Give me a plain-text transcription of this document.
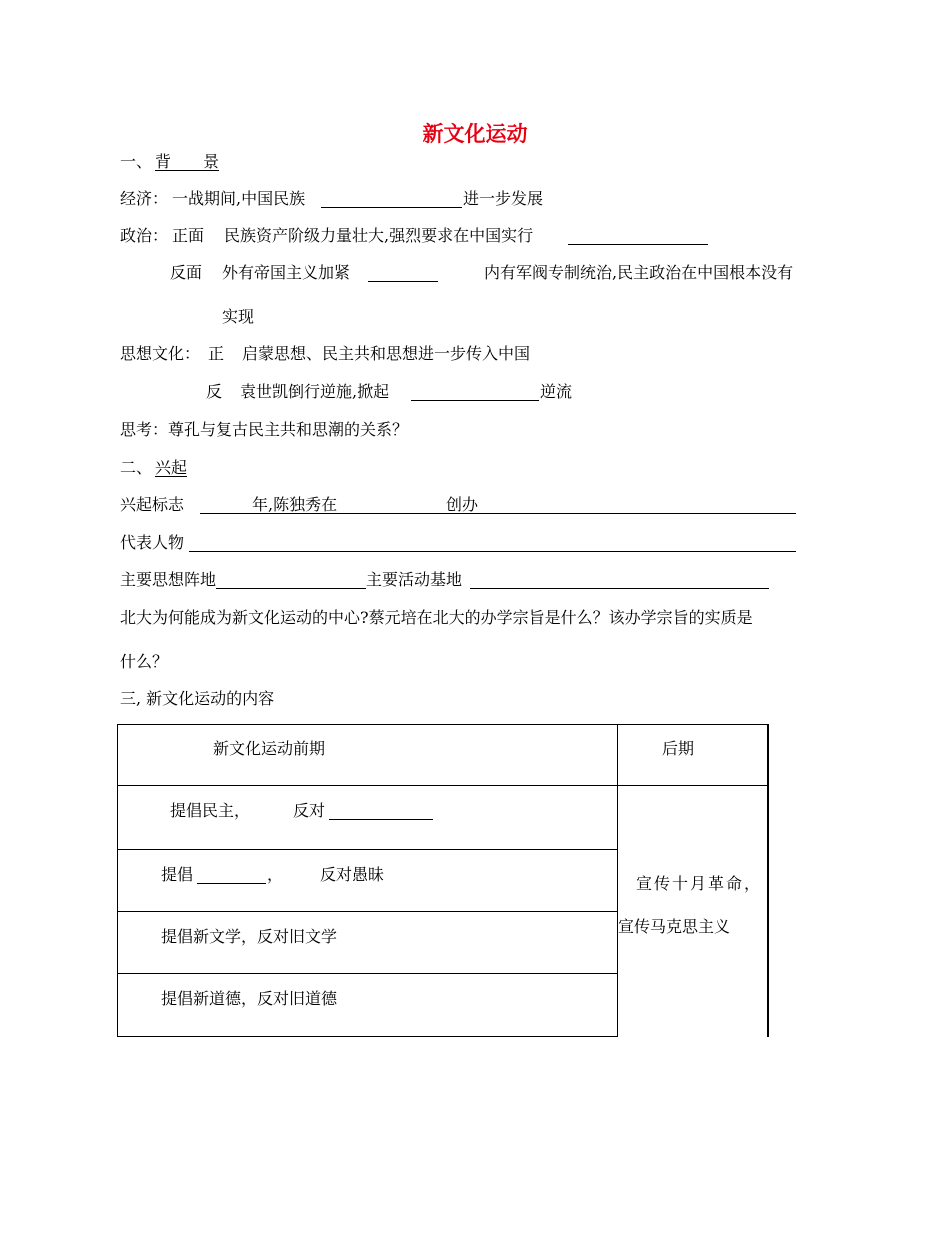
新文化运动
一、 背　　景
经济： 一战期间,中国民族	进一步发展
政治： 正面 民族资产阶级力量壮大,强烈要求在中国实行
反面 外有帝国主义加紧	内有军阀专制统治,民主政治在中国根本没有
实现
思想文化： 正 启蒙思想、民主共和思想进一步传入中国
反 袁世凯倒行逆施,掀起	逆流
思考：尊孔与复古民主共和思潮的关系？
二、 兴起
兴起标志	年,陈独秀在	创办
代表人物
主要思想阵地	主要活动基地
北大为何能成为新文化运动的中心?蔡元培在北大的办学宗旨是什么？该办学宗旨的实质是
什么？
三, 新文化运动的内容
新文化运动前期	后期
提倡民主，	反对
提倡	， 反对愚昧
提倡新文学，反对旧文学
提倡新道德，反对旧道德
宣传十月革命，
宣传马克思主义
